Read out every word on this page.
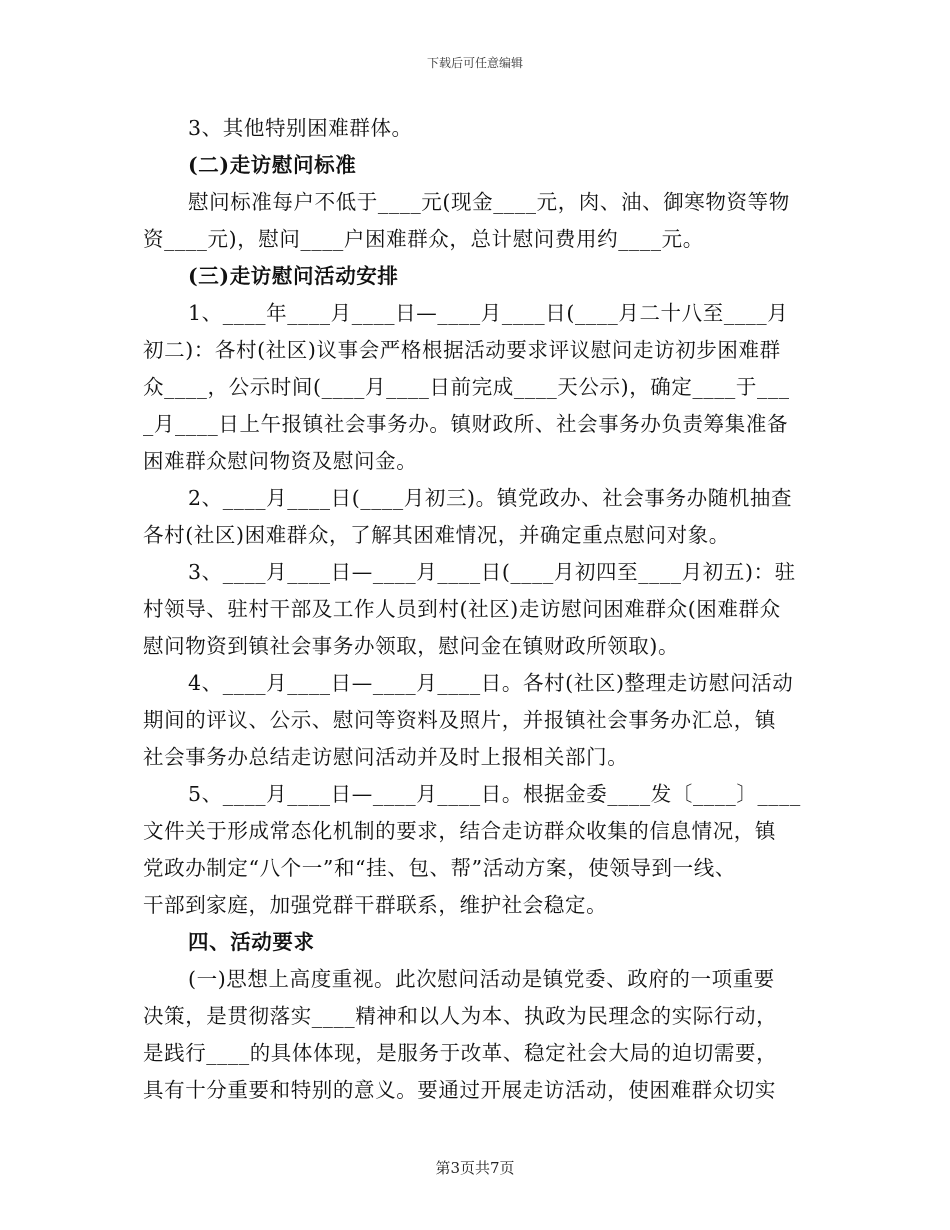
下载后可任意编辑
3、其他特别困难群体。
(二)走访慰问标准
慰问标准每户不低于____元(现金____元，肉、油、御寒物资等物
资____元)，慰问____户困难群众，总计慰问费用约____元。
(三)走访慰问活动安排
1、____年____月____日—____月____日(____月二十八至____月
初二)：各村(社区)议事会严格根据活动要求评议慰问走访初步困难群
众____，公示时间(____月____日前完成____天公示)，确定____于___
_月____日上午报镇社会事务办。镇财政所、社会事务办负责筹集准备
困难群众慰问物资及慰问金。
2、____月____日(____月初三)。镇党政办、社会事务办随机抽查
各村(社区)困难群众，了解其困难情况，并确定重点慰问对象。
3、____月____日—____月____日(____月初四至____月初五)：驻
村领导、驻村干部及工作人员到村(社区)走访慰问困难群众(困难群众
慰问物资到镇社会事务办领取，慰问金在镇财政所领取)。
4、____月____日—____月____日。各村(社区)整理走访慰问活动
期间的评议、公示、慰问等资料及照片，并报镇社会事务办汇总，镇
社会事务办总结走访慰问活动并及时上报相关部门。
5、____月____日—____月____日。根据金委____发〔____〕____
文件关于形成常态化机制的要求，结合走访群众收集的信息情况，镇
党政办制定“八个一”和“挂、包、帮”活动方案，使领导到一线、
干部到家庭，加强党群干群联系，维护社会稳定。
四、活动要求
(一)思想上高度重视。此次慰问活动是镇党委、政府的一项重要
决策，是贯彻落实____精神和以人为本、执政为民理念的实际行动，
是践行____的具体体现，是服务于改革、稳定社会大局的迫切需要，
具有十分重要和特别的意义。要通过开展走访活动，使困难群众切实
第3页共7页
